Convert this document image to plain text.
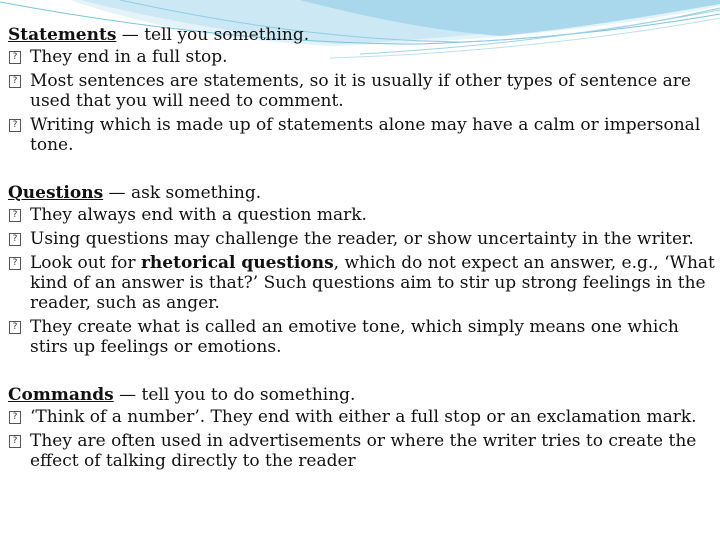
Statements — tell you something.
? They end in a full stop.
? Most sentences are statements, so it is usually if other types of sentence are used that you will need to comment.
? Writing which is made up of statements alone may have a calm or impersonal tone.
Questions — ask something.
? They always end with a question mark.
? Using questions may challenge the reader, or show uncertainty in the writer.
? Look out for rhetorical questions, which do not expect an answer, e.g., ‘What kind of an answer is that?’ Such questions aim to stir up strong feelings in the reader, such as anger.
? They create what is called an emotive tone, which simply means one which stirs up feelings or emotions.
Commands — tell you to do something.
? ‘Think of a number’. They end with either a full stop or an exclamation mark.
? They are often used in advertisements or where the writer tries to create the effect of talking directly to the reader
